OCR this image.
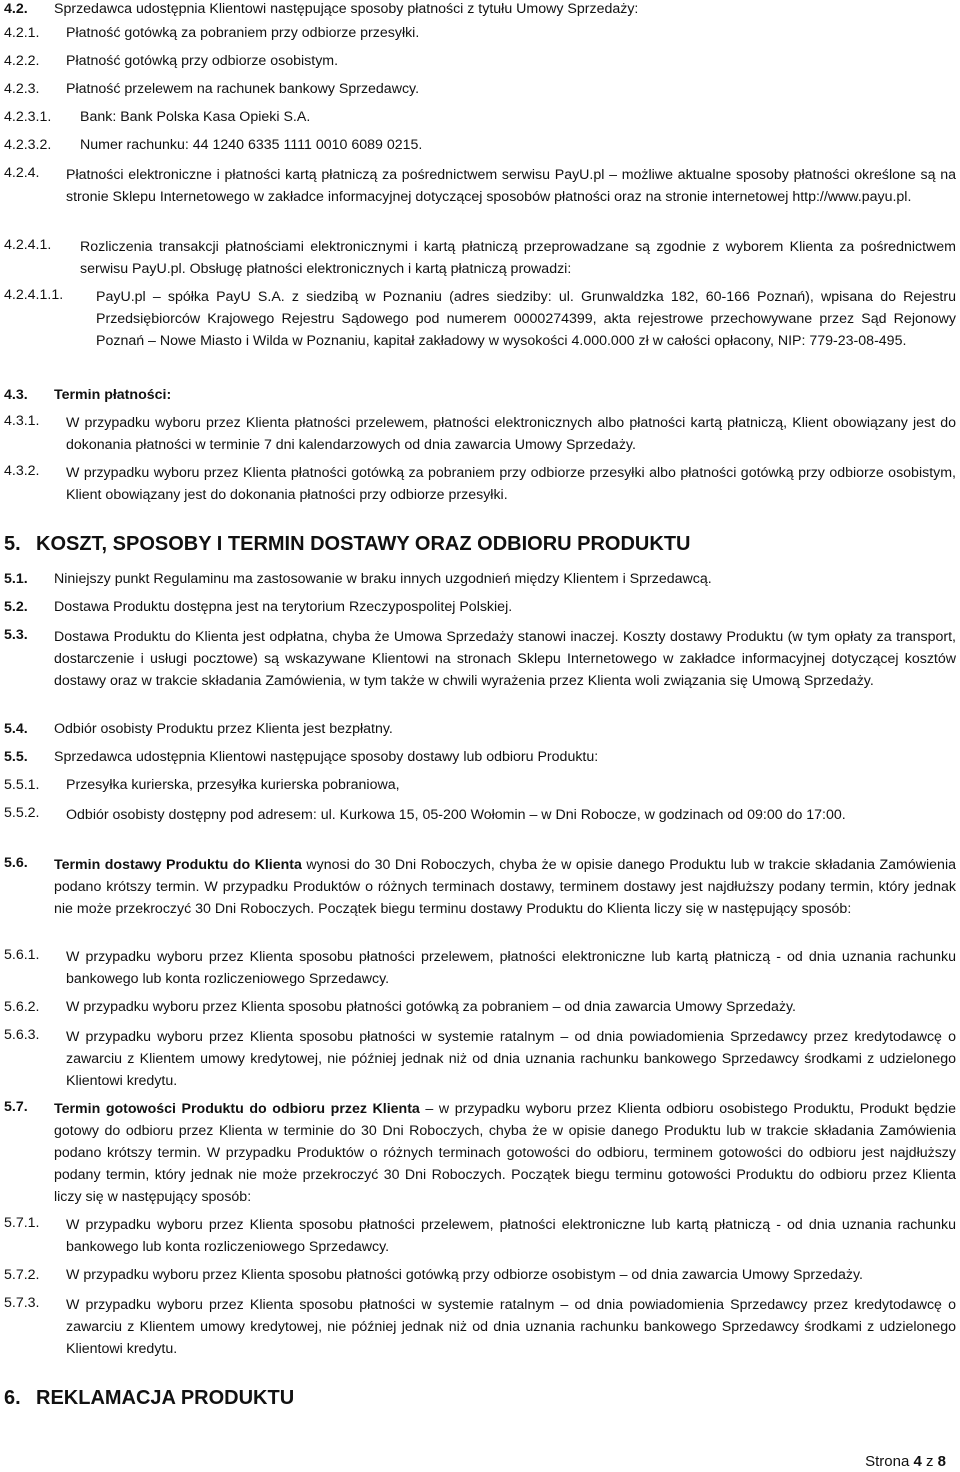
4.2. Sprzedawca udostępnia Klientowi następujące sposoby płatności z tytułu Umowy Sprzedaży:
4.2.1. Płatność gotówką za pobraniem przy odbiorze przesyłki.
4.2.2. Płatność gotówką przy odbiorze osobistym.
4.2.3. Płatność przelewem na rachunek bankowy Sprzedawcy.
4.2.3.1. Bank: Bank Polska Kasa Opieki S.A.
4.2.3.2. Numer rachunku: 44 1240 6335 1111 0010 6089 0215.
4.2.4. Płatności elektroniczne i płatności kartą płatniczą za pośrednictwem serwisu PayU.pl – możliwe aktualne sposoby płatności określone są na stronie Sklepu Internetowego w zakładce informacyjnej dotyczącej sposobów płatności oraz na stronie internetowej http://www.payu.pl.
4.2.4.1. Rozliczenia transakcji płatnościami elektronicznymi i kartą płatniczą przeprowadzane są zgodnie z wyborem Klienta za pośrednictwem serwisu PayU.pl. Obsługę płatności elektronicznych i kartą płatniczą prowadzi:
4.2.4.1.1. PayU.pl – spółka PayU S.A. z siedzibą w Poznaniu (adres siedziby: ul. Grunwaldzka 182, 60-166 Poznań), wpisana do Rejestru Przedsiębiorców Krajowego Rejestru Sądowego pod numerem 0000274399, akta rejestrowe przechowywane przez Sąd Rejonowy Poznań – Nowe Miasto i Wilda w Poznaniu, kapitał zakładowy w wysokości 4.000.000 zł w całości opłacony, NIP: 779-23-08-495.
4.3. Termin płatności:
4.3.1. W przypadku wyboru przez Klienta płatności przelewem, płatności elektronicznych albo płatności kartą płatniczą, Klient obowiązany jest do dokonania płatności w terminie 7 dni kalendarzowych od dnia zawarcia Umowy Sprzedaży.
4.3.2. W przypadku wyboru przez Klienta płatności gotówką za pobraniem przy odbiorze przesyłki albo płatności gotówką przy odbiorze osobistym, Klient obowiązany jest do dokonania płatności przy odbiorze przesyłki.
5. KOSZT, SPOSOBY I TERMIN DOSTAWY ORAZ ODBIORU PRODUKTU
5.1. Niniejszy punkt Regulaminu ma zastosowanie w braku innych uzgodnień między Klientem i Sprzedawcą.
5.2. Dostawa Produktu dostępna jest na terytorium Rzeczypospolitej Polskiej.
5.3. Dostawa Produktu do Klienta jest odpłatna, chyba że Umowa Sprzedaży stanowi inaczej. Koszty dostawy Produktu (w tym opłaty za transport, dostarczenie i usługi pocztowe) są wskazywane Klientowi na stronach Sklepu Internetowego w zakładce informacyjnej dotyczącej kosztów dostawy oraz w trakcie składania Zamówienia, w tym także w chwili wyrażenia przez Klienta woli związania się Umową Sprzedaży.
5.4. Odbiór osobisty Produktu przez Klienta jest bezpłatny.
5.5. Sprzedawca udostępnia Klientowi następujące sposoby dostawy lub odbioru Produktu:
5.5.1. Przesyłka kurierska, przesyłka kurierska pobraniowa,
5.5.2. Odbiór osobisty dostępny pod adresem: ul. Kurkowa 15, 05-200 Wołomin – w Dni Robocze, w godzinach od 09:00 do 17:00.
5.6. Termin dostawy Produktu do Klienta wynosi do 30 Dni Roboczych, chyba że w opisie danego Produktu lub w trakcie składania Zamówienia podano krótszy termin. W przypadku Produktów o różnych terminach dostawy, terminem dostawy jest najdłuższy podany termin, który jednak nie może przekroczyć 30 Dni Roboczych. Początek biegu terminu dostawy Produktu do Klienta liczy się w następujący sposób:
5.6.1. W przypadku wyboru przez Klienta sposobu płatności przelewem, płatności elektroniczne lub kartą płatniczą - od dnia uznania rachunku bankowego lub konta rozliczeniowego Sprzedawcy.
5.6.2. W przypadku wyboru przez Klienta sposobu płatności gotówką za pobraniem – od dnia zawarcia Umowy Sprzedaży.
5.6.3. W przypadku wyboru przez Klienta sposobu płatności w systemie ratalnym – od dnia powiadomienia Sprzedawcy przez kredytodawcę o zawarciu z Klientem umowy kredytowej, nie później jednak niż od dnia uznania rachunku bankowego Sprzedawcy środkami z udzielonego Klientowi kredytu.
5.7. Termin gotowości Produktu do odbioru przez Klienta – w przypadku wyboru przez Klienta odbioru osobistego Produktu, Produkt będzie gotowy do odbioru przez Klienta w terminie do 30 Dni Roboczych, chyba że w opisie danego Produktu lub w trakcie składania Zamówienia podano krótszy termin. W przypadku Produktów o różnych terminach gotowości do odbioru, terminem gotowości do odbioru jest najdłuższy podany termin, który jednak nie może przekroczyć 30 Dni Roboczych. Początek biegu terminu gotowości Produktu do odbioru przez Klienta liczy się w następujący sposób:
5.7.1. W przypadku wyboru przez Klienta sposobu płatności przelewem, płatności elektroniczne lub kartą płatniczą - od dnia uznania rachunku bankowego lub konta rozliczeniowego Sprzedawcy.
5.7.2. W przypadku wyboru przez Klienta sposobu płatności gotówką przy odbiorze osobistym – od dnia zawarcia Umowy Sprzedaży.
5.7.3. W przypadku wyboru przez Klienta sposobu płatności w systemie ratalnym – od dnia powiadomienia Sprzedawcy przez kredytodawcę o zawarciu z Klientem umowy kredytowej, nie później jednak niż od dnia uznania rachunku bankowego Sprzedawcy środkami z udzielonego Klientowi kredytu.
6. REKLAMACJA PRODUKTU
Strona 4 z 8
